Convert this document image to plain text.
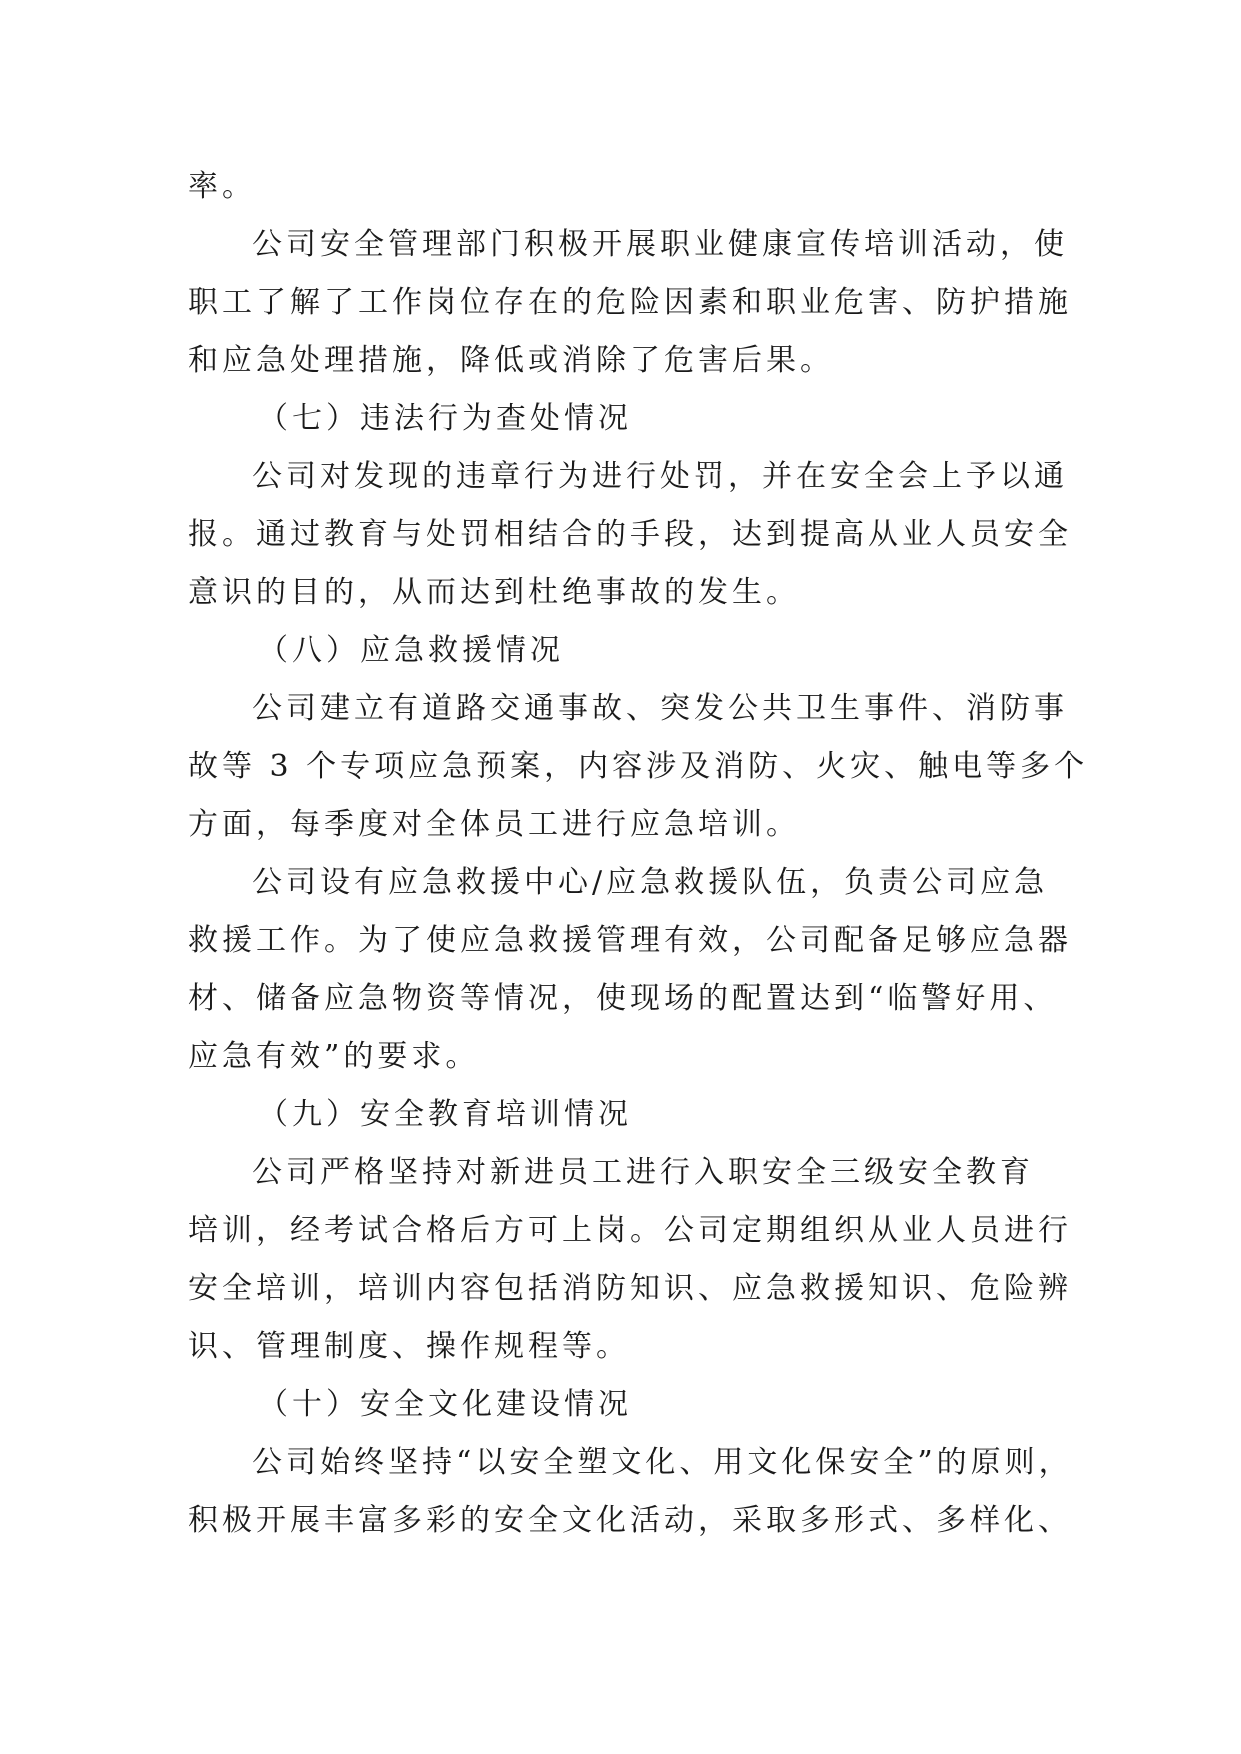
率。
公司安全管理部门积极开展职业健康宣传培训活动，使
职工了解了工作岗位存在的危险因素和职业危害、防护措施
和应急处理措施，降低或消除了危害后果。
（七）违法行为查处情况
公司对发现的违章行为进行处罚，并在安全会上予以通
报。通过教育与处罚相结合的手段，达到提高从业人员安全
意识的目的，从而达到杜绝事故的发生。
（八）应急救援情况
公司建立有道路交通事故、突发公共卫生事件、消防事
故等 3 个专项应急预案，内容涉及消防、火灾、触电等多个
方面，每季度对全体员工进行应急培训。
公司设有应急救援中心/应急救援队伍，负责公司应急
救援工作。为了使应急救援管理有效，公司配备足够应急器
材、储备应急物资等情况，使现场的配置达到“临警好用、
应急有效”的要求。
（九）安全教育培训情况
公司严格坚持对新进员工进行入职安全三级安全教育
培训，经考试合格后方可上岗。公司定期组织从业人员进行
安全培训，培训内容包括消防知识、应急救援知识、危险辨
识、管理制度、操作规程等。
（十）安全文化建设情况
公司始终坚持“以安全塑文化、用文化保安全”的原则，
积极开展丰富多彩的安全文化活动，采取多形式、多样化、
